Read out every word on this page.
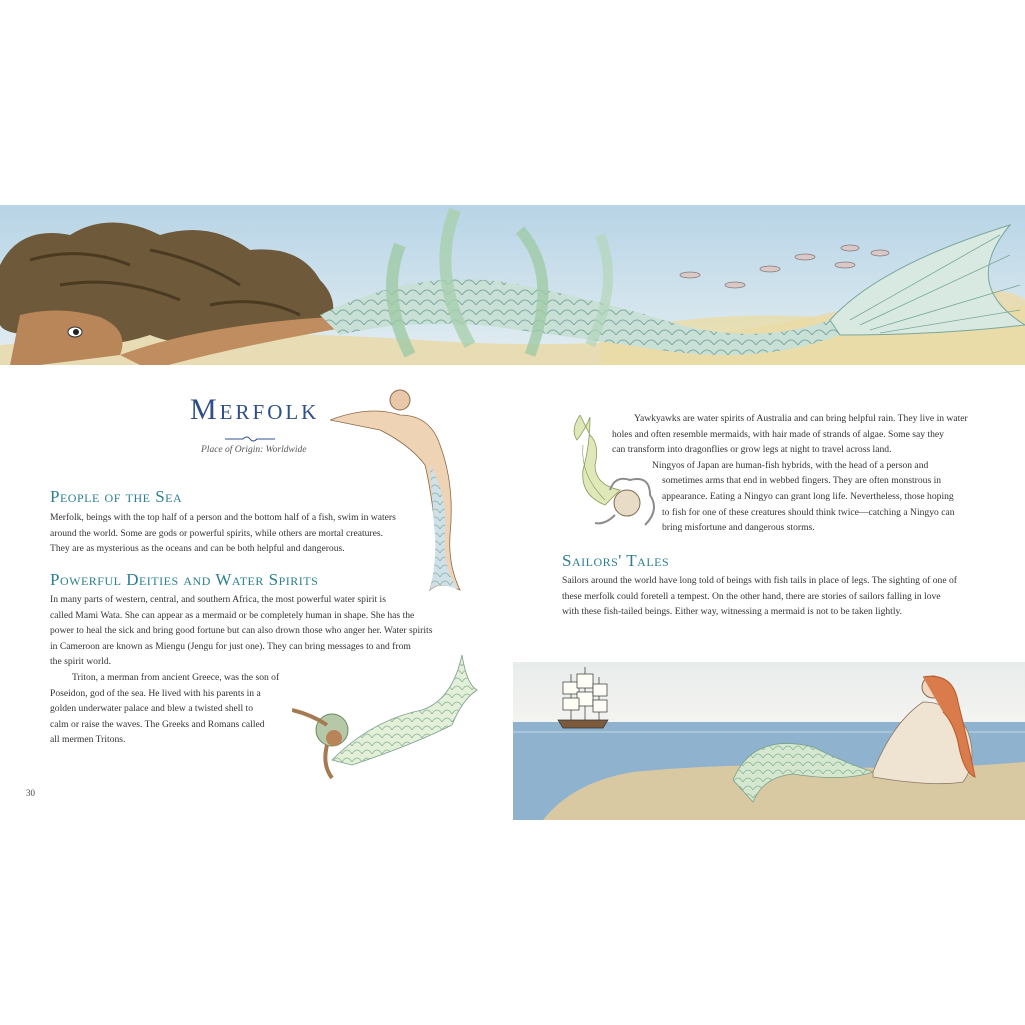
Merfolk
Place of Origin: Worldwide
People of the Sea

Merfolk, beings with the top half of a person and the bottom half of a fish, swim in waters

around the world. Some are gods or powerful spirits, while others are mortal creatures.

They are as mysterious as the oceans and can be both helpful and dangerous.

Powerful Deities and Water Spirits

In many parts of western, central, and southern Africa, the most powerful water spirit is

called Mami Wata. She can appear as a mermaid or be completely human in shape. She has the

power to heal the sick and bring good fortune but can also drown those who anger her. Water spirits

in Cameroon are known as Miengu (Jengu for just one). They can bring messages to and from

the spirit world.

Triton, a merman from ancient Greece, was the son of

Poseidon, god of the sea. He lived with his parents in a

golden underwater palace and blew a twisted shell to

calm or raise the waves. The Greeks and Romans called

all mermen Tritons.

30

Yawkyawks are water spirits of Australia and can bring helpful rain. They live in water

holes and often resemble mermaids, with hair made of strands of algae. Some say they

can transform into dragonflies or grow legs at night to travel across land.

Ningyos of Japan are human-fish hybrids, with the head of a person and

sometimes arms that end in webbed fingers. They are often monstrous in

appearance. Eating a Ningyo can grant long life. Nevertheless, those hoping

to fish for one of these creatures should think twice—catching a Ningyo can

bring misfortune and dangerous storms.

Sailors' Tales

Sailors around the world have long told of beings with fish tails in place of legs. The sighting of one of

these merfolk could foretell a tempest. On the other hand, there are stories of sailors falling in love

with these fish-tailed beings. Either way, witnessing a mermaid is not to be taken lightly.
